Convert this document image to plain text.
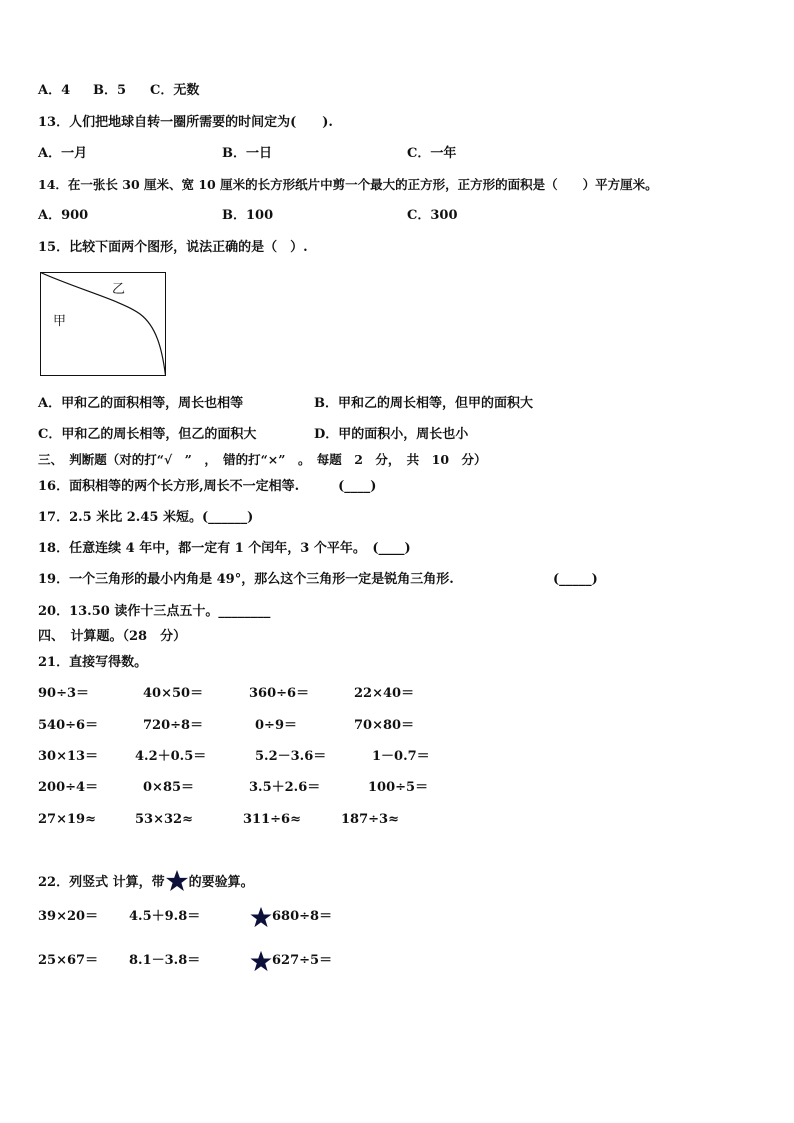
A．4 B．5 C．无数
13．人们把地球自转一圈所需要的时间定为(　　).
A．一月	B．一日	C．一年
14．在一张长 30 厘米、宽 10 厘米的长方形纸片中剪一个最大的正方形，正方形的面积是（　　）平方厘米。
A．900	B．100	C．300
15．比较下面两个图形，说法正确的是（　）.
乙
甲
A．甲和乙的面积相等，周长也相等	B．甲和乙的周长相等，但甲的面积大
C．甲和乙的周长相等，但乙的面积大	D．甲的面积小，周长也小
三、　判断题（对的打“√　”　，　错的打“×”　。　每题　2　分，　共　10　分）
16．面积相等的两个长方形,周长不一定相等.　　　(____)
17．2.5 米比 2.45 米短。(______)
18．任意连续 4 年中，都一定有 1 个闰年，3 个平年。　(____)
19．一个三角形的最小内角是 49°，那么这个三角形一定是锐角三角形.	(_____)
20．13.50 读作十三点五十。________
四、　计算题。（28　分）
21．直接写得数。
90÷3＝	40×50＝	360÷6＝	22×40＝
540÷6＝	720÷8＝	0÷9＝	70×80＝
30×13＝	4.2＋0.5＝	5.2－3.6＝	1－0.7＝
200÷4＝	0×85＝	3.5＋2.6＝	100÷5＝
27×19≈	53×32≈	311÷6≈	187÷3≈
22．列竖式 计算，带 的要验算。
39×20＝ 4.5＋9.8＝	680÷8＝
25×67＝ 8.1－3.8＝	627÷5＝
